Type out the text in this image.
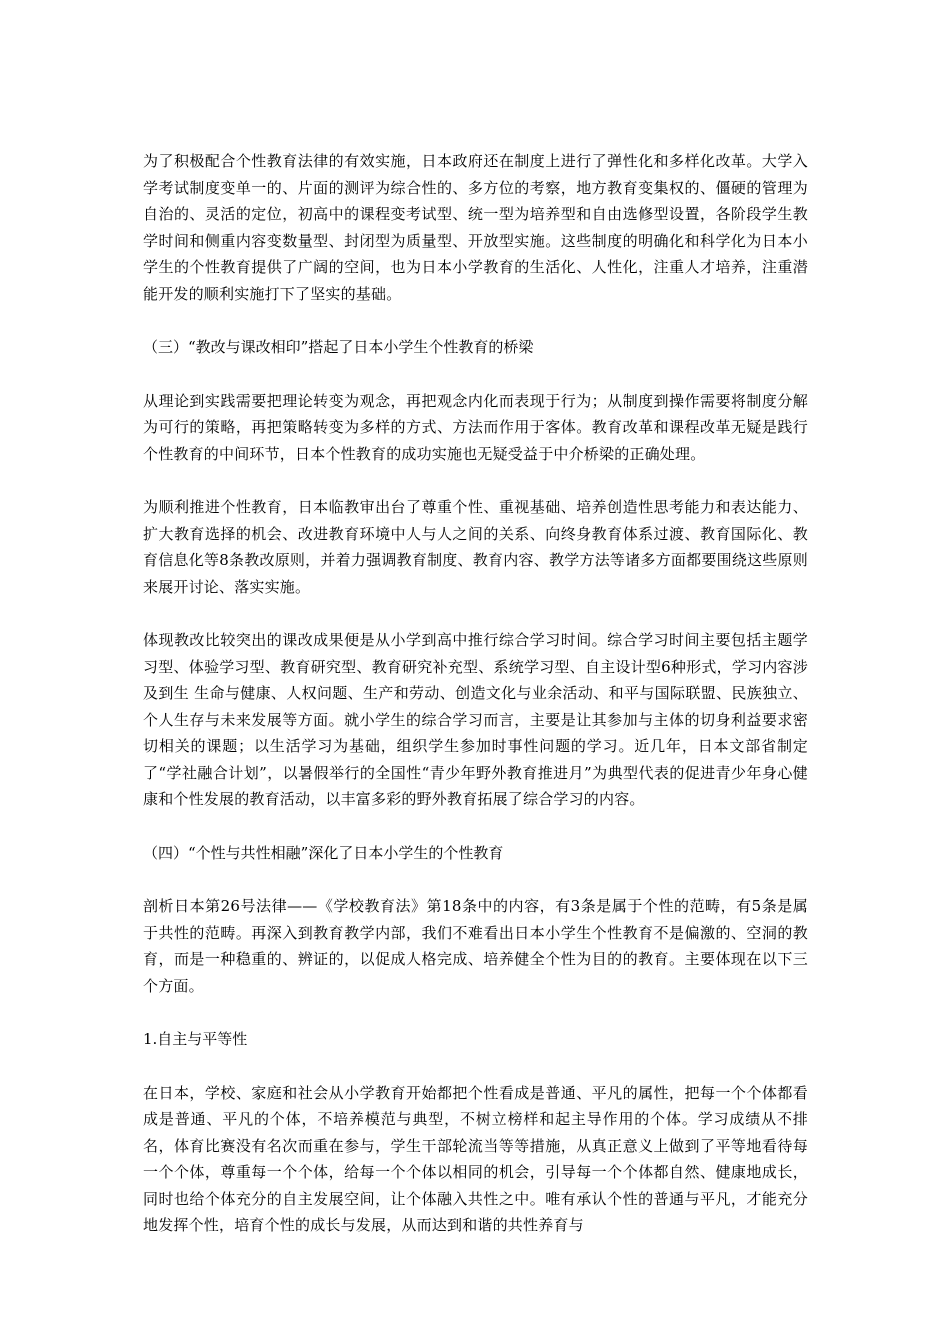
为了积极配合个性教育法律的有效实施，日本政府还在制度上进行了弹性化和多样化改革。大学入学考试制度变单一的、片面的测评为综合性的、多方位的考察，地方教育变集权的、僵硬的管理为自治的、灵活的定位，初高中的课程变考试型、统一型为培养型和自由选修型设置，各阶段学生教学时间和侧重内容变数量型、封闭型为质量型、开放型实施。这些制度的明确化和科学化为日本小学生的个性教育提供了广阔的空间，也为日本小学教育的生活化、人性化，注重人才培养，注重潜能开发的顺利实施打下了坚实的基础。

（三）“教改与课改相印”搭起了日本小学生个性教育的桥梁

从理论到实践需要把理论转变为观念，再把观念内化而表现于行为；从制度到操作需要将制度分解为可行的策略，再把策略转变为多样的方式、方法而作用于客体。教育改革和课程改革无疑是践行个性教育的中间环节，日本个性教育的成功实施也无疑受益于中介桥梁的正确处理。

为顺利推进个性教育，日本临教审出台了尊重个性、重视基础、培养创造性思考能力和表达能力、扩大教育选择的机会、改进教育环境中人与人之间的关系、向终身教育体系过渡、教育国际化、教育信息化等8条教改原则，并着力强调教育制度、教育内容、教学方法等诸多方面都要围绕这些原则来展开讨论、落实实施。

体现教改比较突出的课改成果便是从小学到高中推行综合学习时间。综合学习时间主要包括主题学习型、体验学习型、教育研究型、教育研究补充型、系统学习型、自主设计型6种形式，学习内容涉及到生 生命与健康、人权问题、生产和劳动、创造文化与业余活动、和平与国际联盟、民族独立、个人生存与未来发展等方面。就小学生的综合学习而言，主要是让其参加与主体的切身利益要求密切相关的课题；以生活学习为基础，组织学生参加时事性问题的学习。近几年，日本文部省制定了“学社融合计划”，以暑假举行的全国性“青少年野外教育推进月”为典型代表的促进青少年身心健康和个性发展的教育活动，以丰富多彩的野外教育拓展了综合学习的内容。

（四）“个性与共性相融”深化了日本小学生的个性教育

剖析日本第26号法律——《学校教育法》第18条中的内容，有3条是属于个性的范畴，有5条是属于共性的范畴。再深入到教育教学内部，我们不难看出日本小学生个性教育不是偏激的、空洞的教育，而是一种稳重的、辨证的，以促成人格完成、培养健全个性为目的的教育。主要体现在以下三个方面。

1.自主与平等性

在日本，学校、家庭和社会从小学教育开始都把个性看成是普通、平凡的属性，把每一个个体都看成是普通、平凡的个体，不培养模范与典型，不树立榜样和起主导作用的个体。学习成绩从不排名，体育比赛没有名次而重在参与，学生干部轮流当等等措施，从真正意义上做到了平等地看待每一个个体，尊重每一个个体，给每一个个体以相同的机会，引导每一个个体都自然、健康地成长，同时也给个体充分的自主发展空间，让个体融入共性之中。唯有承认个性的普通与平凡，才能充分地发挥个性，培育个性的成长与发展，从而达到和谐的共性养育与
